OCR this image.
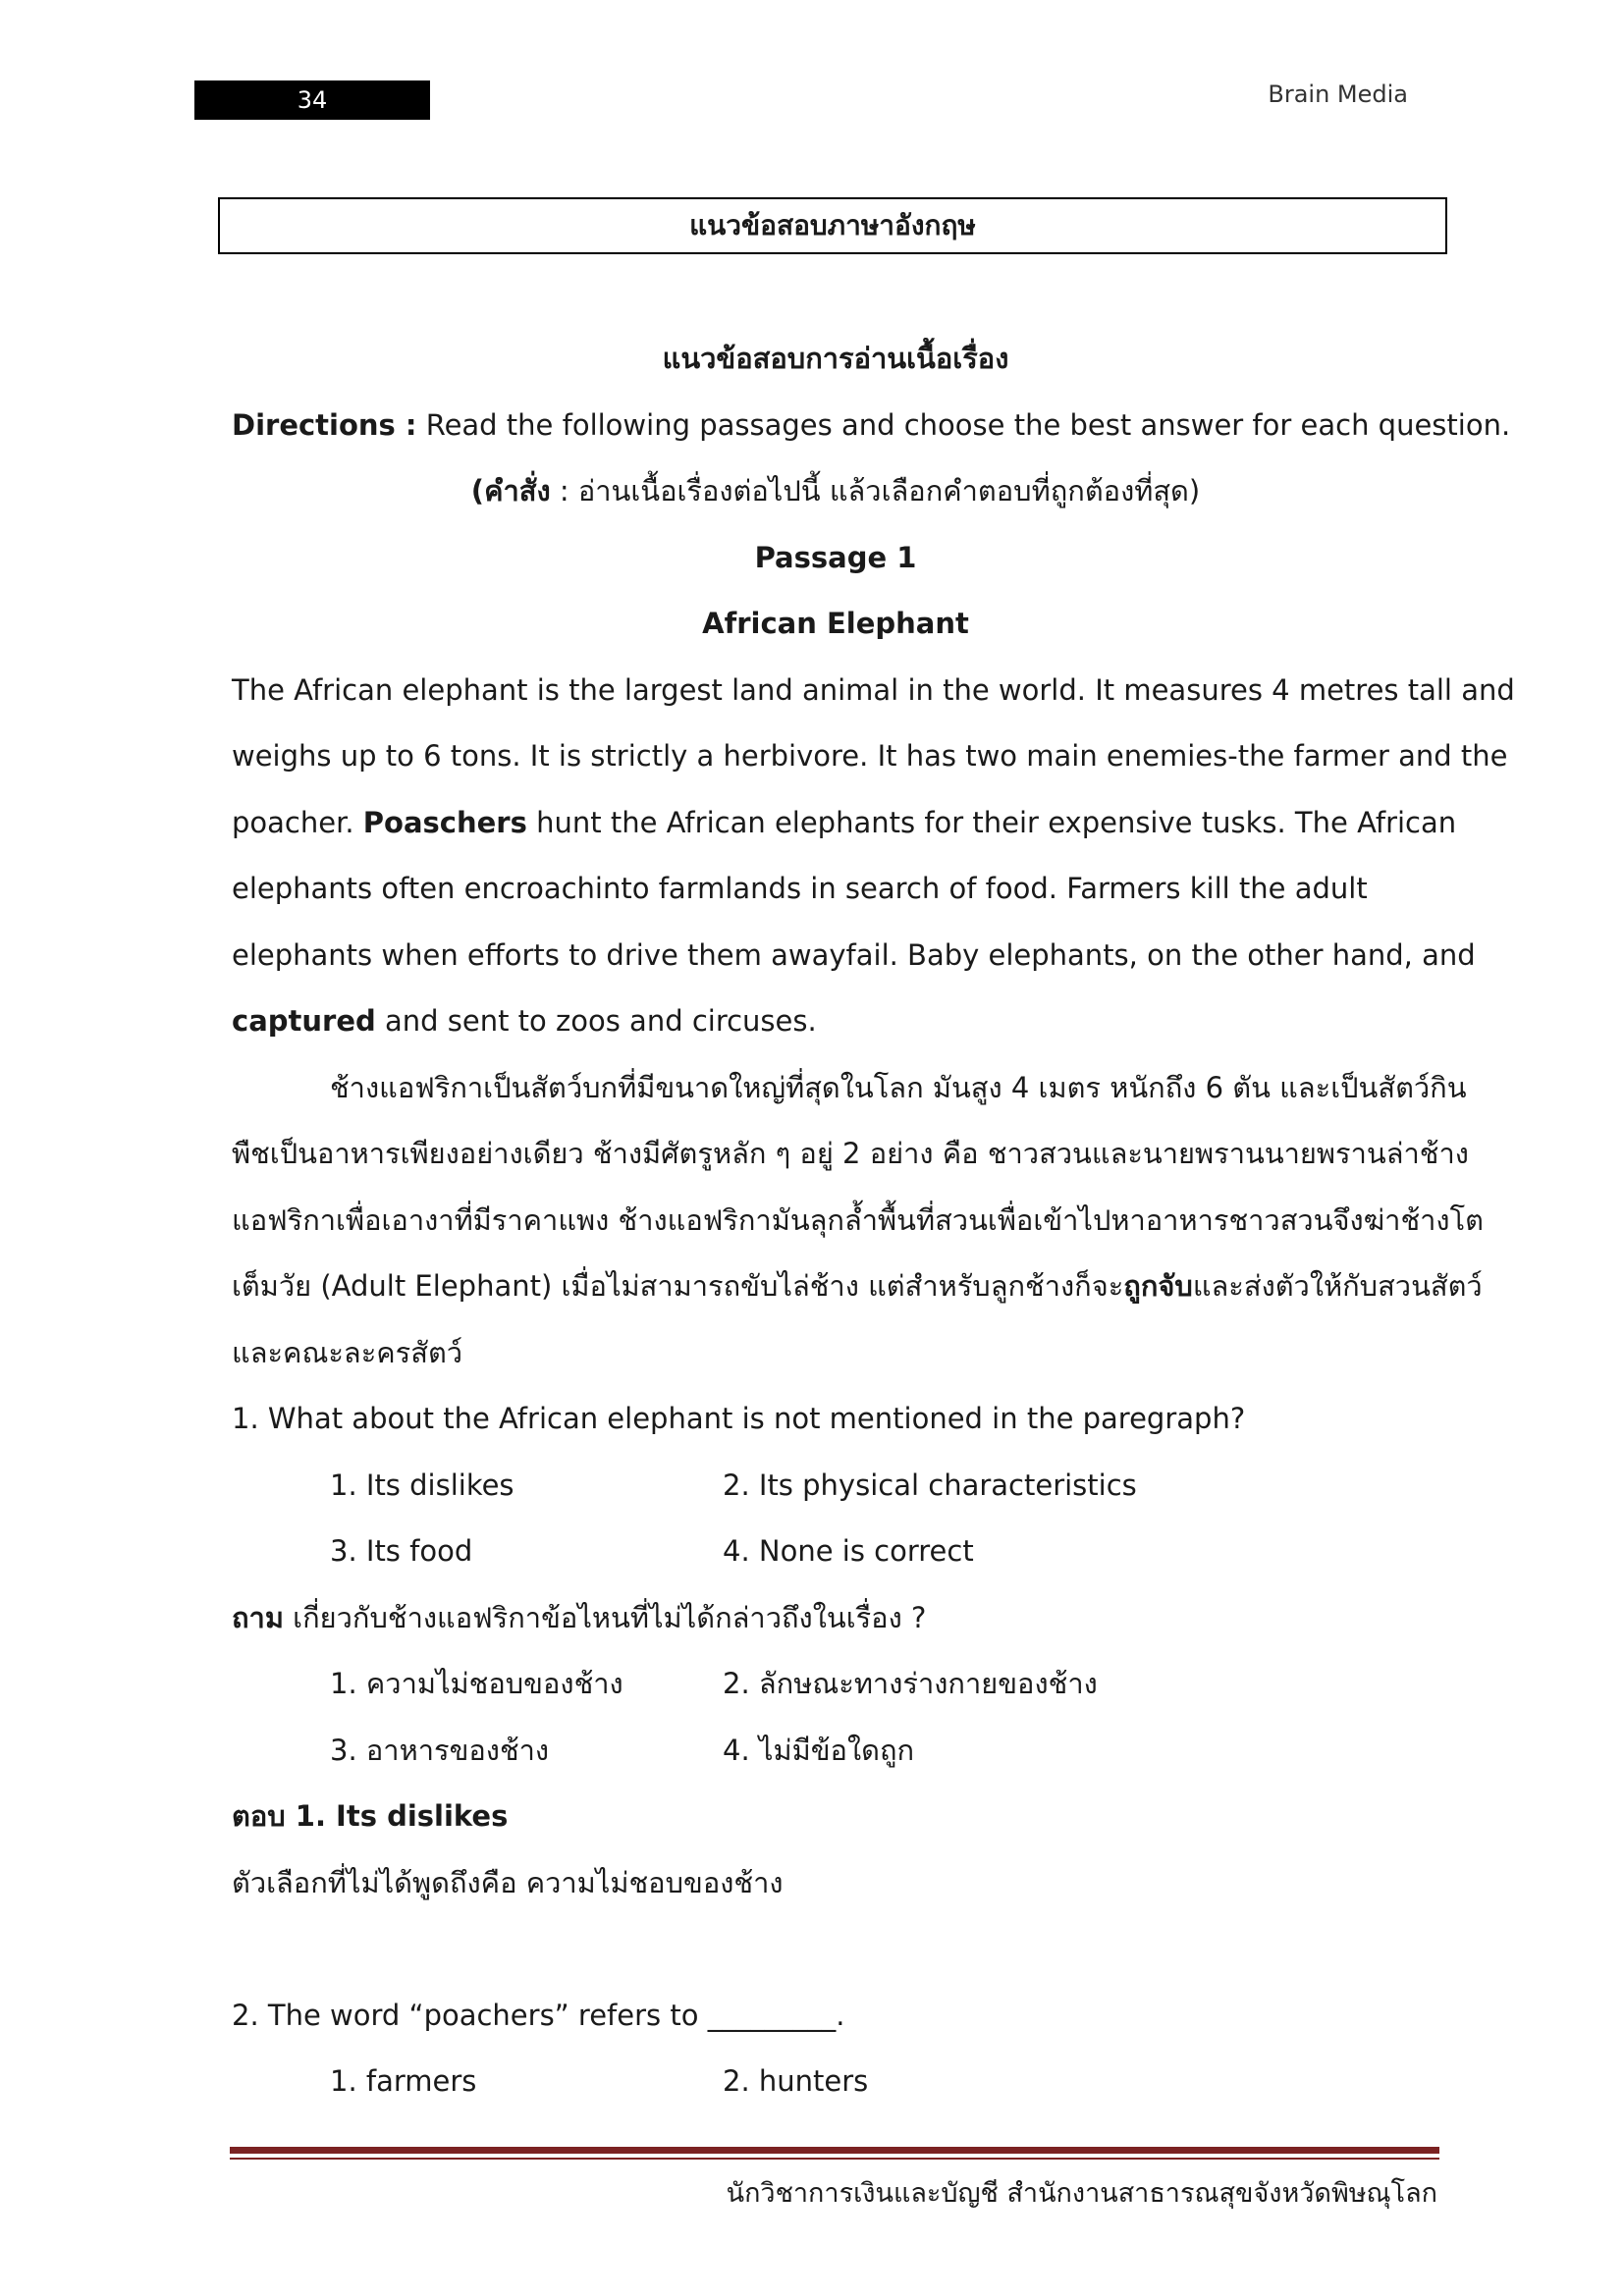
34	Brain Media
แนวข้อสอบภาษาอังกฤษ
แนวข้อสอบการอ่านเนื้อเรื่อง
Directions : Read the following passages and choose the best answer for each question.
(คำสั่ง : อ่านเนื้อเรื่องต่อไปนี้ แล้วเลือกคำตอบที่ถูกต้องที่สุด)
Passage 1
African Elephant
The African elephant is the largest land animal in the world. It measures 4 metres tall and
weighs up to 6 tons. It is strictly a herbivore. It has two main enemies-the farmer and the
poacher. Poaschers hunt the African elephants for their expensive tusks. The African
elephants often encroachinto farmlands in search of food. Farmers kill the adult
elephants when efforts to drive them awayfail. Baby elephants, on the other hand, and
captured and sent to zoos and circuses.
ช้างแอฟริกาเป็นสัตว์บกที่มีขนาดใหญ่ที่สุดในโลก มันสูง 4 เมตร หนักถึง 6 ตัน และเป็นสัตว์กิน
พืชเป็นอาหารเพียงอย่างเดียว ช้างมีศัตรูหลัก ๆ อยู่ 2 อย่าง คือ ชาวสวนและนายพรานนายพรานล่าช้าง
แอฟริกาเพื่อเอางาที่มีราคาแพง ช้างแอฟริกามันลุกล้ำพื้นที่สวนเพื่อเข้าไปหาอาหารชาวสวนจึงฆ่าช้างโต
เต็มวัย (Adult Elephant) เมื่อไม่สามารถขับไล่ช้าง แต่สำหรับลูกช้างก็จะถูกจับและส่งตัวให้กับสวนสัตว์
และคณะละครสัตว์
1. What about the African elephant is not mentioned in the paregraph?
1. Its dislikes	2. Its physical characteristics
3. Its food	4. None is correct
ถาม เกี่ยวกับช้างแอฟริกาข้อไหนที่ไม่ได้กล่าวถึงในเรื่อง ?
1. ความไม่ชอบของช้าง	2. ลักษณะทางร่างกายของช้าง
3. อาหารของช้าง	4. ไม่มีข้อใดถูก
ตอบ 1. Its dislikes
ตัวเลือกที่ไม่ได้พูดถึงคือ ความไม่ชอบของช้าง
2. The word “poachers” refers to _________.
1. farmers	2. hunters
นักวิชาการเงินและบัญชี สำนักงานสาธารณสุขจังหวัดพิษณุโลก
